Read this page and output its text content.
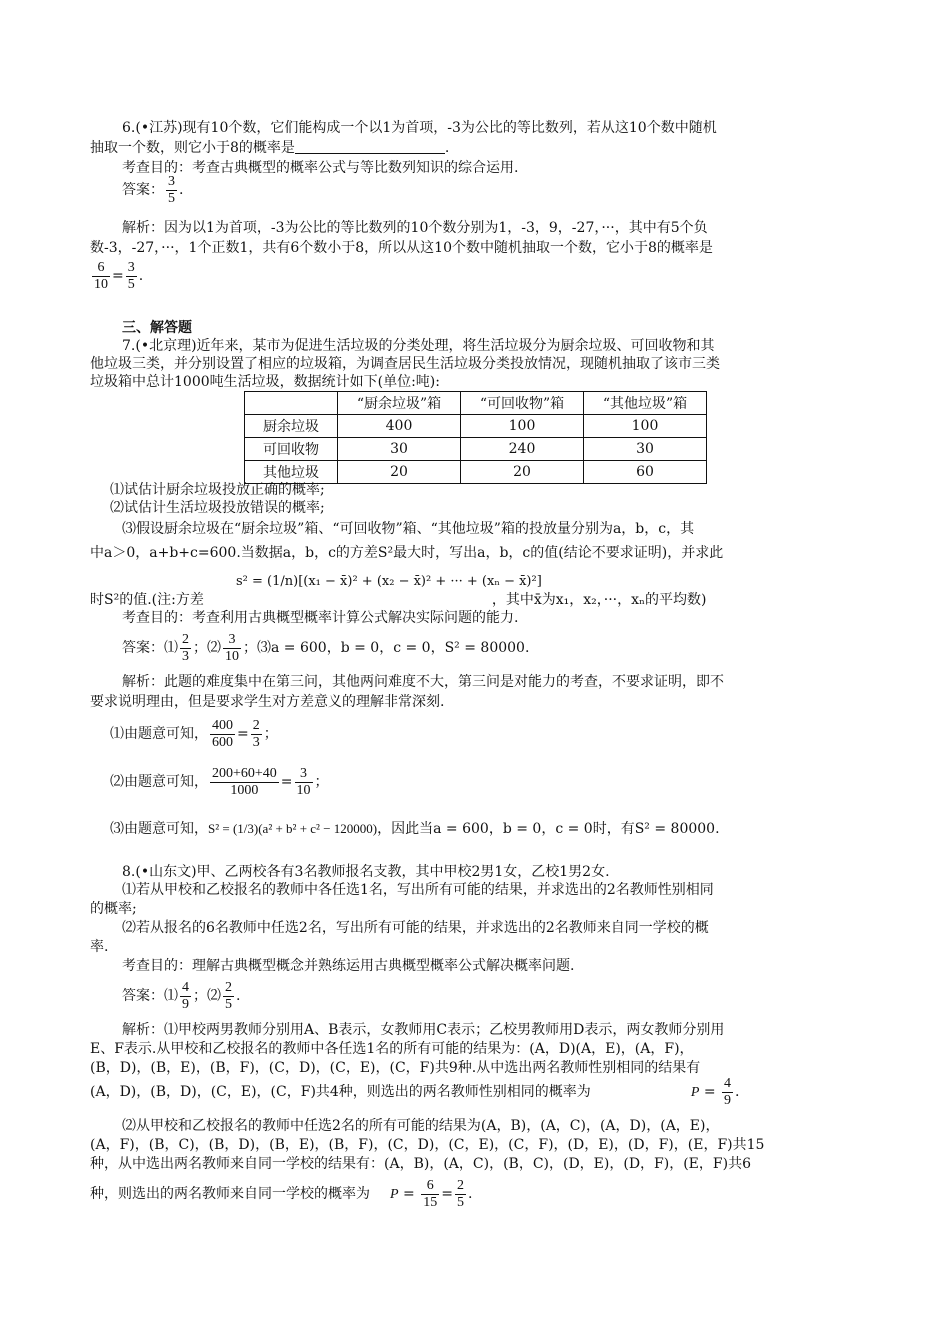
6.(•江苏)现有10个数，它们能构成一个以1为首项，-3为公比的等比数列，若从这10个数中随机
抽取一个数，则它小于8的概率是	.
考查目的：考查古典概型的概率公式与等比数列知识的综合运用.
答案： $\frac{3}{5}$ .
解析：因为以1为首项，-3为公比的等比数列的10个数分别为1，-3，9，-27，···，其中有5个负
数-3，-27，···，1个正数1，共有6个数小于8，所以从这10个数中随机抽取一个数，它小于8的概率是
$\frac{6}{10} = \frac{3}{5}$ .
三、解答题
7.(•北京理)近年来，某市为促进生活垃圾的分类处理，将生活垃圾分为厨余垃圾、可回收物和其
他垃圾三类，并分别设置了相应的垃圾箱，为调查居民生活垃圾分类投放情况，现随机抽取了该市三类
垃圾箱中总计1000吨生活垃圾，数据统计如下(单位:吨):
	“厨余垃圾”箱	“可回收物”箱	“其他垃圾”箱
厨余垃圾	400	100	100
可回收物	30	240	30
其他垃圾	20	20	60
⑴试估计厨余垃圾投放正确的概率;
⑵试估计生活垃圾投放错误的概率;
⑶假设厨余垃圾在“厨余垃圾”箱、“可回收物”箱、“其他垃圾”箱的投放量分别为a，b，c，其
中a＞0，a+b+c=600.当数据a，b，c的方差S²最大时，写出a，b，c的值(结论不要求证明)，并求此
s² = (1/n)[(x₁ − x̄)² + (x₂ − x̄)² + ··· + (xₙ − x̄)²]
时S²的值.(注:方差	，其中x̄为x₁，x₂，···，xₙ的平均数)
考查目的：考查利用古典概型概率计算公式解决实际问题的能力.
答案：⑴ $\frac{2}{3}$ ；⑵ $\frac{3}{10}$ ；⑶a = 600，b = 0，c = 0，S² = 80000.
解析：此题的难度集中在第三问，其他两问难度不大，第三问是对能力的考查，不要求证明，即不
要求说明理由，但是要求学生对方差意义的理解非常深刻.
⑴由题意可知， $\frac{400}{600} = \frac{2}{3}$ ；
⑵由题意可知， $\frac{200+60+40}{1000} = \frac{3}{10}$ ；
⑶由题意可知，S² = (1/3)(a² + b² + c² − 120000)，因此当a = 600，b = 0，c = 0时，有S² = 80000.
8.(•山东文)甲、乙两校各有3名教师报名支教，其中甲校2男1女，乙校1男2女.
⑴若从甲校和乙校报名的教师中各任选1名，写出所有可能的结果，并求选出的2名教师性别相同
的概率;
⑵若从报名的6名教师中任选2名，写出所有可能的结果，并求选出的2名教师来自同一学校的概
率.
考查目的：理解古典概型概念并熟练运用古典概型概率公式解决概率问题.
答案：⑴ $\frac{4}{9}$ ；⑵ $\frac{2}{5}$ .
解析：⑴甲校两男教师分别用A、B表示，女教师用C表示；乙校男教师用D表示，两女教师分别用
E、F表示.从甲校和乙校报名的教师中各任选1名的所有可能的结果为：(A，D)(A，E)，(A，F)，
(B，D)，(B，E)，(B，F)，(C，D)，(C，E)，(C，F)共9种.从中选出两名教师性别相同的结果有
(A，D)，(B，D)，(C，E)，(C，F)共4种，则选出的两名教师性别相同的概率为	$P = \frac{4}{9}$ .
⑵从甲校和乙校报名的教师中任选2名的所有可能的结果为(A，B)，(A，C)，(A，D)，(A，E)，
(A，F)，(B，C)，(B，D)，(B，E)，(B，F)，(C，D)，(C，E)，(C，F)，(D，E)，(D，F)，(E，F)共15
种，从中选出两名教师来自同一学校的结果有：(A，B)，(A，C)，(B，C)，(D，E)，(D，F)，(E，F)共6
种，则选出的两名教师来自同一学校的概率为 $P = \frac{6}{15} = \frac{2}{5}$ .
